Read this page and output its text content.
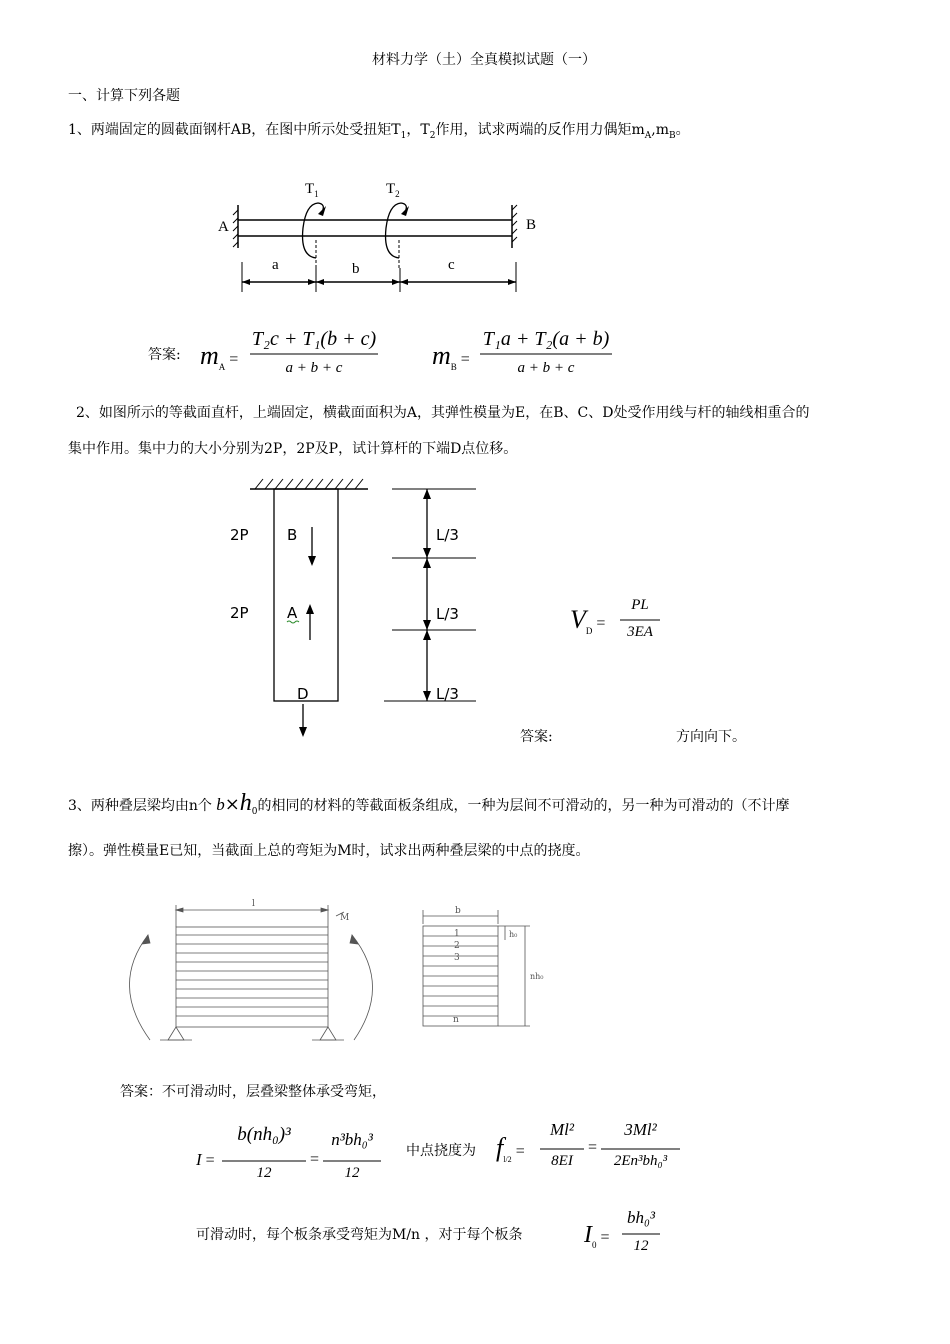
材料力学（土）全真模拟试题（一）
一、计算下列各题
1、两端固定的圆截面钢杆AB，在图中所示处受扭矩$T_1$，$T_2$作用，试求两端的反作用力偶矩$m_A,m_B$。
$T_1$	$T_2$
A	B
a	b	c
答案: $m_A$ =
T₂c + T₁(b + c)
a + b + c	$m_B$ =
T₁a + T₂(a + b)
a + b + c
2、如图所示的等截面直杆，上端固定，横截面面积为A，其弹性模量为E，在B、C、D处受作用线与杆的轴线相重合的
集中作用。集中力的大小分别为2P，2P及P，试计算杆的下端D点位移。
2P
2P
B
A
D
L/3
L/3
L/3
$V_D$ =
PL
3EA
答案:	方向向下。
3、两种叠层梁均由n个 $b\times h_0$的相同的材料的等截面板条组成，一种为层间不可滑动的，另一种为可滑动的（不计摩
擦）。弹性模量E已知，当截面上总的弯矩为M时，试求出两种叠层梁的中点的挠度。
l
M
b
h₀
1
2
3
n
nh₀
答案：不可滑动时，层叠梁整体承受弯矩，
I =
b(nh₀)³
12
=
n³bh₀³
12
中点挠度为 $f_{l/2}$ =
Ml²
8EI
=
3Ml²
2En³bh₀³
可滑动时，每个板条承受弯矩为M/n ，对于每个板条	$I_0$ =
bh₀³
12
